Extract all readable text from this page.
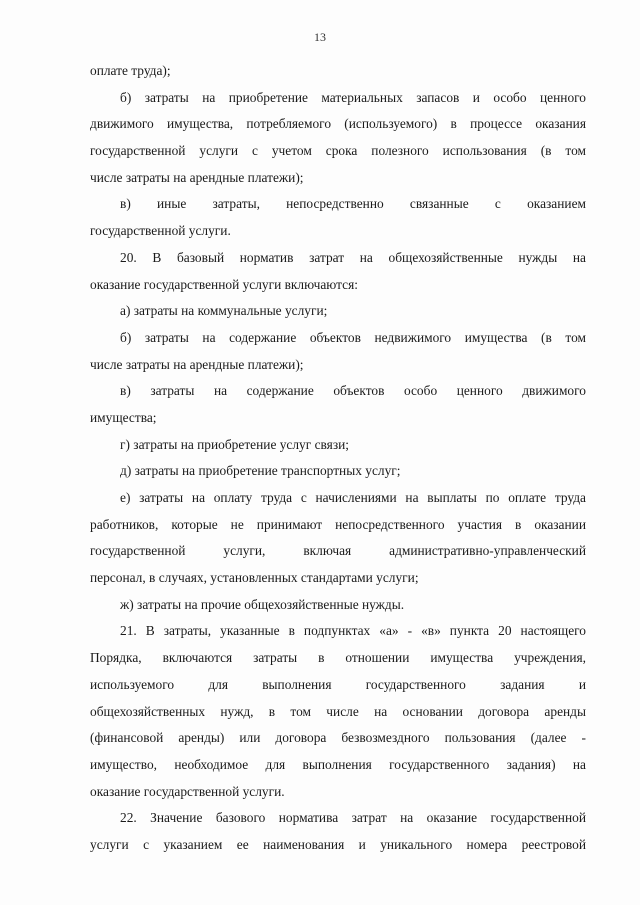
13
оплате труда);
б) затраты на приобретение материальных запасов и особо ценного
движимого имущества, потребляемого (используемого) в процессе оказания
государственной услуги с учетом срока полезного использования (в том
числе затраты на арендные платежи);
в) иные затраты, непосредственно связанные с оказанием
государственной услуги.
20. В базовый норматив затрат на общехозяйственные нужды на
оказание государственной услуги включаются:
а) затраты на коммунальные услуги;
б) затраты на содержание объектов недвижимого имущества (в том
числе затраты на арендные платежи);
в) затраты на содержание объектов особо ценного движимого
имущества;
г) затраты на приобретение услуг связи;
д) затраты на приобретение транспортных услуг;
е) затраты на оплату труда с начислениями на выплаты по оплате труда
работников, которые не принимают непосредственного участия в оказании
государственной услуги, включая административно-управленческий
персонал, в случаях, установленных стандартами услуги;
ж) затраты на прочие общехозяйственные нужды.
21. В затраты, указанные в подпунктах «а» - «в» пункта 20 настоящего
Порядка, включаются затраты в отношении имущества учреждения,
используемого для выполнения государственного задания и
общехозяйственных нужд, в том числе на основании договора аренды
(финансовой аренды) или договора безвозмездного пользования (далее -
имущество, необходимое для выполнения государственного задания) на
оказание государственной услуги.
22. Значение базового норматива затрат на оказание государственной
услуги с указанием ее наименования и уникального номера реестровой
